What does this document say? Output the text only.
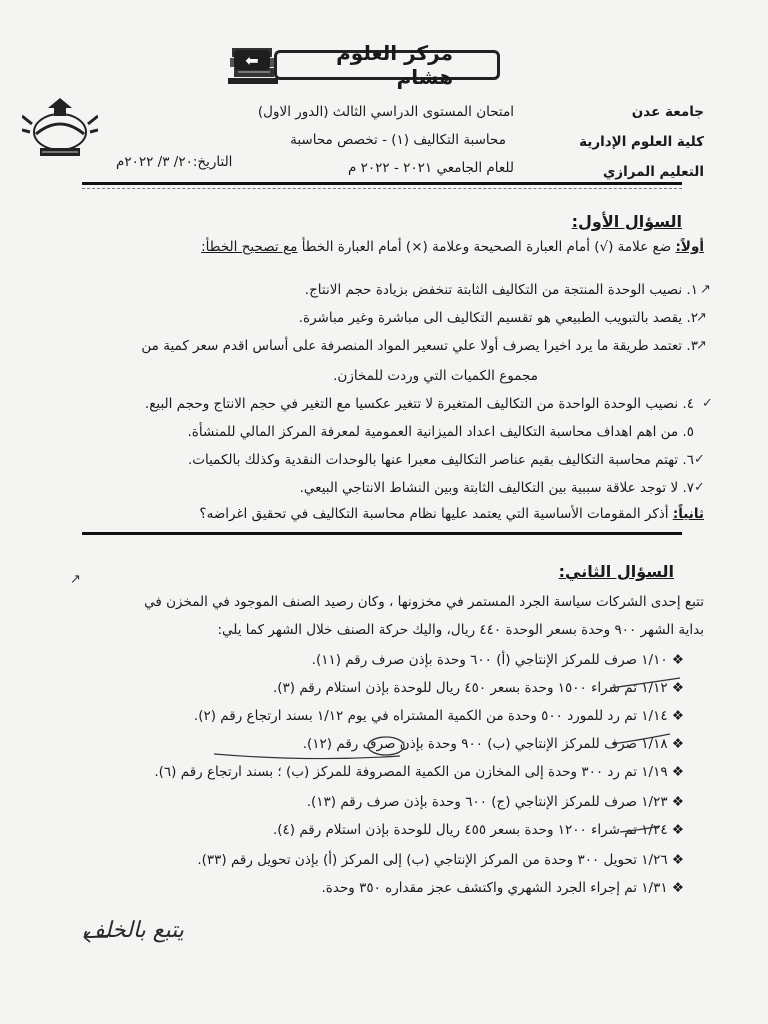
مركز العلوم هشام
⬅
جامعة عدن
كلية العلوم الإدارية
التعليم المرازي
امتحان المستوى الدراسي الثالث (الدور الاول)
محاسبة التكاليف (١) - تخصص محاسبة
للعام الجامعي ٢٠٢١ - ٢٠٢٢ م
التاريخ:٢٠/ ٣/ ٢٠٢٢م
السؤال الأول:
أولاً: ضع علامة (√) أمام العبارة الصحيحة وعلامة (×) أمام العبارة الخطأ مع تصحيح الخطأ:
١. نصيب الوحدة المنتجة من التكاليف الثابتة تنخفض بزيادة حجم الانتاج.
٢. يقصد بالتبويب الطبيعي هو تقسيم التكاليف الى مباشرة وغير مباشرة.
٣. تعتمد طريقة ما يرد اخيرا يصرف أولا علي تسعير المواد المنصرفة على أساس اقدم سعر كمية من
مجموع الكميات التي وردت للمخازن.
٤. نصيب الوحدة الواحدة من التكاليف المتغيرة لا تتغير عكسيا مع التغير في حجم الانتاج وحجم البيع.
٥. من اهم اهداف محاسبة التكاليف اعداد الميزانية العمومية لمعرفة المركز المالي للمنشأة.
٦. تهتم محاسبة التكاليف بقيم عناصر التكاليف معبرا عنها بالوحدات النقدية وكذلك بالكميات.
٧. لا توجد علاقة سببية بين التكاليف الثابتة وبين النشاط الانتاجي البيعي.
ثانياً: أذكر المقومات الأساسية التي يعتمد عليها نظام محاسبة التكاليف في تحقيق اغراضه؟
↗
↗
↗
✓
✓
✓
السؤال الثاني:
↗
تتبع إحدى الشركات سياسة الجرد المستمر في مخزونها ، وكان رصيد الصنف الموجود في المخزن في
بداية الشهر ٩٠٠ وحدة بسعر الوحدة ٤٤٠ ريال، واليك حركة الصنف خلال الشهر كما يلي:
❖ ١/١٠ صرف للمركز الإنتاجي (أ) ٦٠٠ وحدة بإذن صرف رقم (١١).
❖ ١/١٢ تم شراء ١٥٠٠ وحدة بسعر ٤٥٠ ريال للوحدة بإذن استلام رقم (٣).
❖ ١/١٤ تم رد للمورد ٥٠٠ وحدة من الكمية المشتراه في يوم ١/١٢ بسند ارتجاع رقم (٢).
❖ ١/١٨ صرف للمركز الإنتاجي (ب) ٩٠٠ وحدة بإذن صرف رقم (١٢).
❖ ١/١٩ تم رد ٣٠٠ وحدة إلى المخازن من الكمية المصروفة للمركز (ب) ؛ بسند ارتجاع رقم (٦).
❖ ١/٢٣ صرف للمركز الإنتاجي (ج) ٦٠٠ وحدة بإذن صرف رقم (١٣).
❖ ١/٢٤ تم شراء ١٢٠٠ وحدة بسعر ٤٥٥ ريال للوحدة بإذن استلام رقم (٤).
❖ ١/٢٦ تحويل ٣٠٠ وحدة من المركز الإنتاجي (ب) إلى المركز (أ) بإذن تحويل رقم (٣٣).
❖ ١/٣١ تم إجراء الجرد الشهري واكتشف عجز مقداره ٣٥٠ وحدة.
يتبع بالخلف
